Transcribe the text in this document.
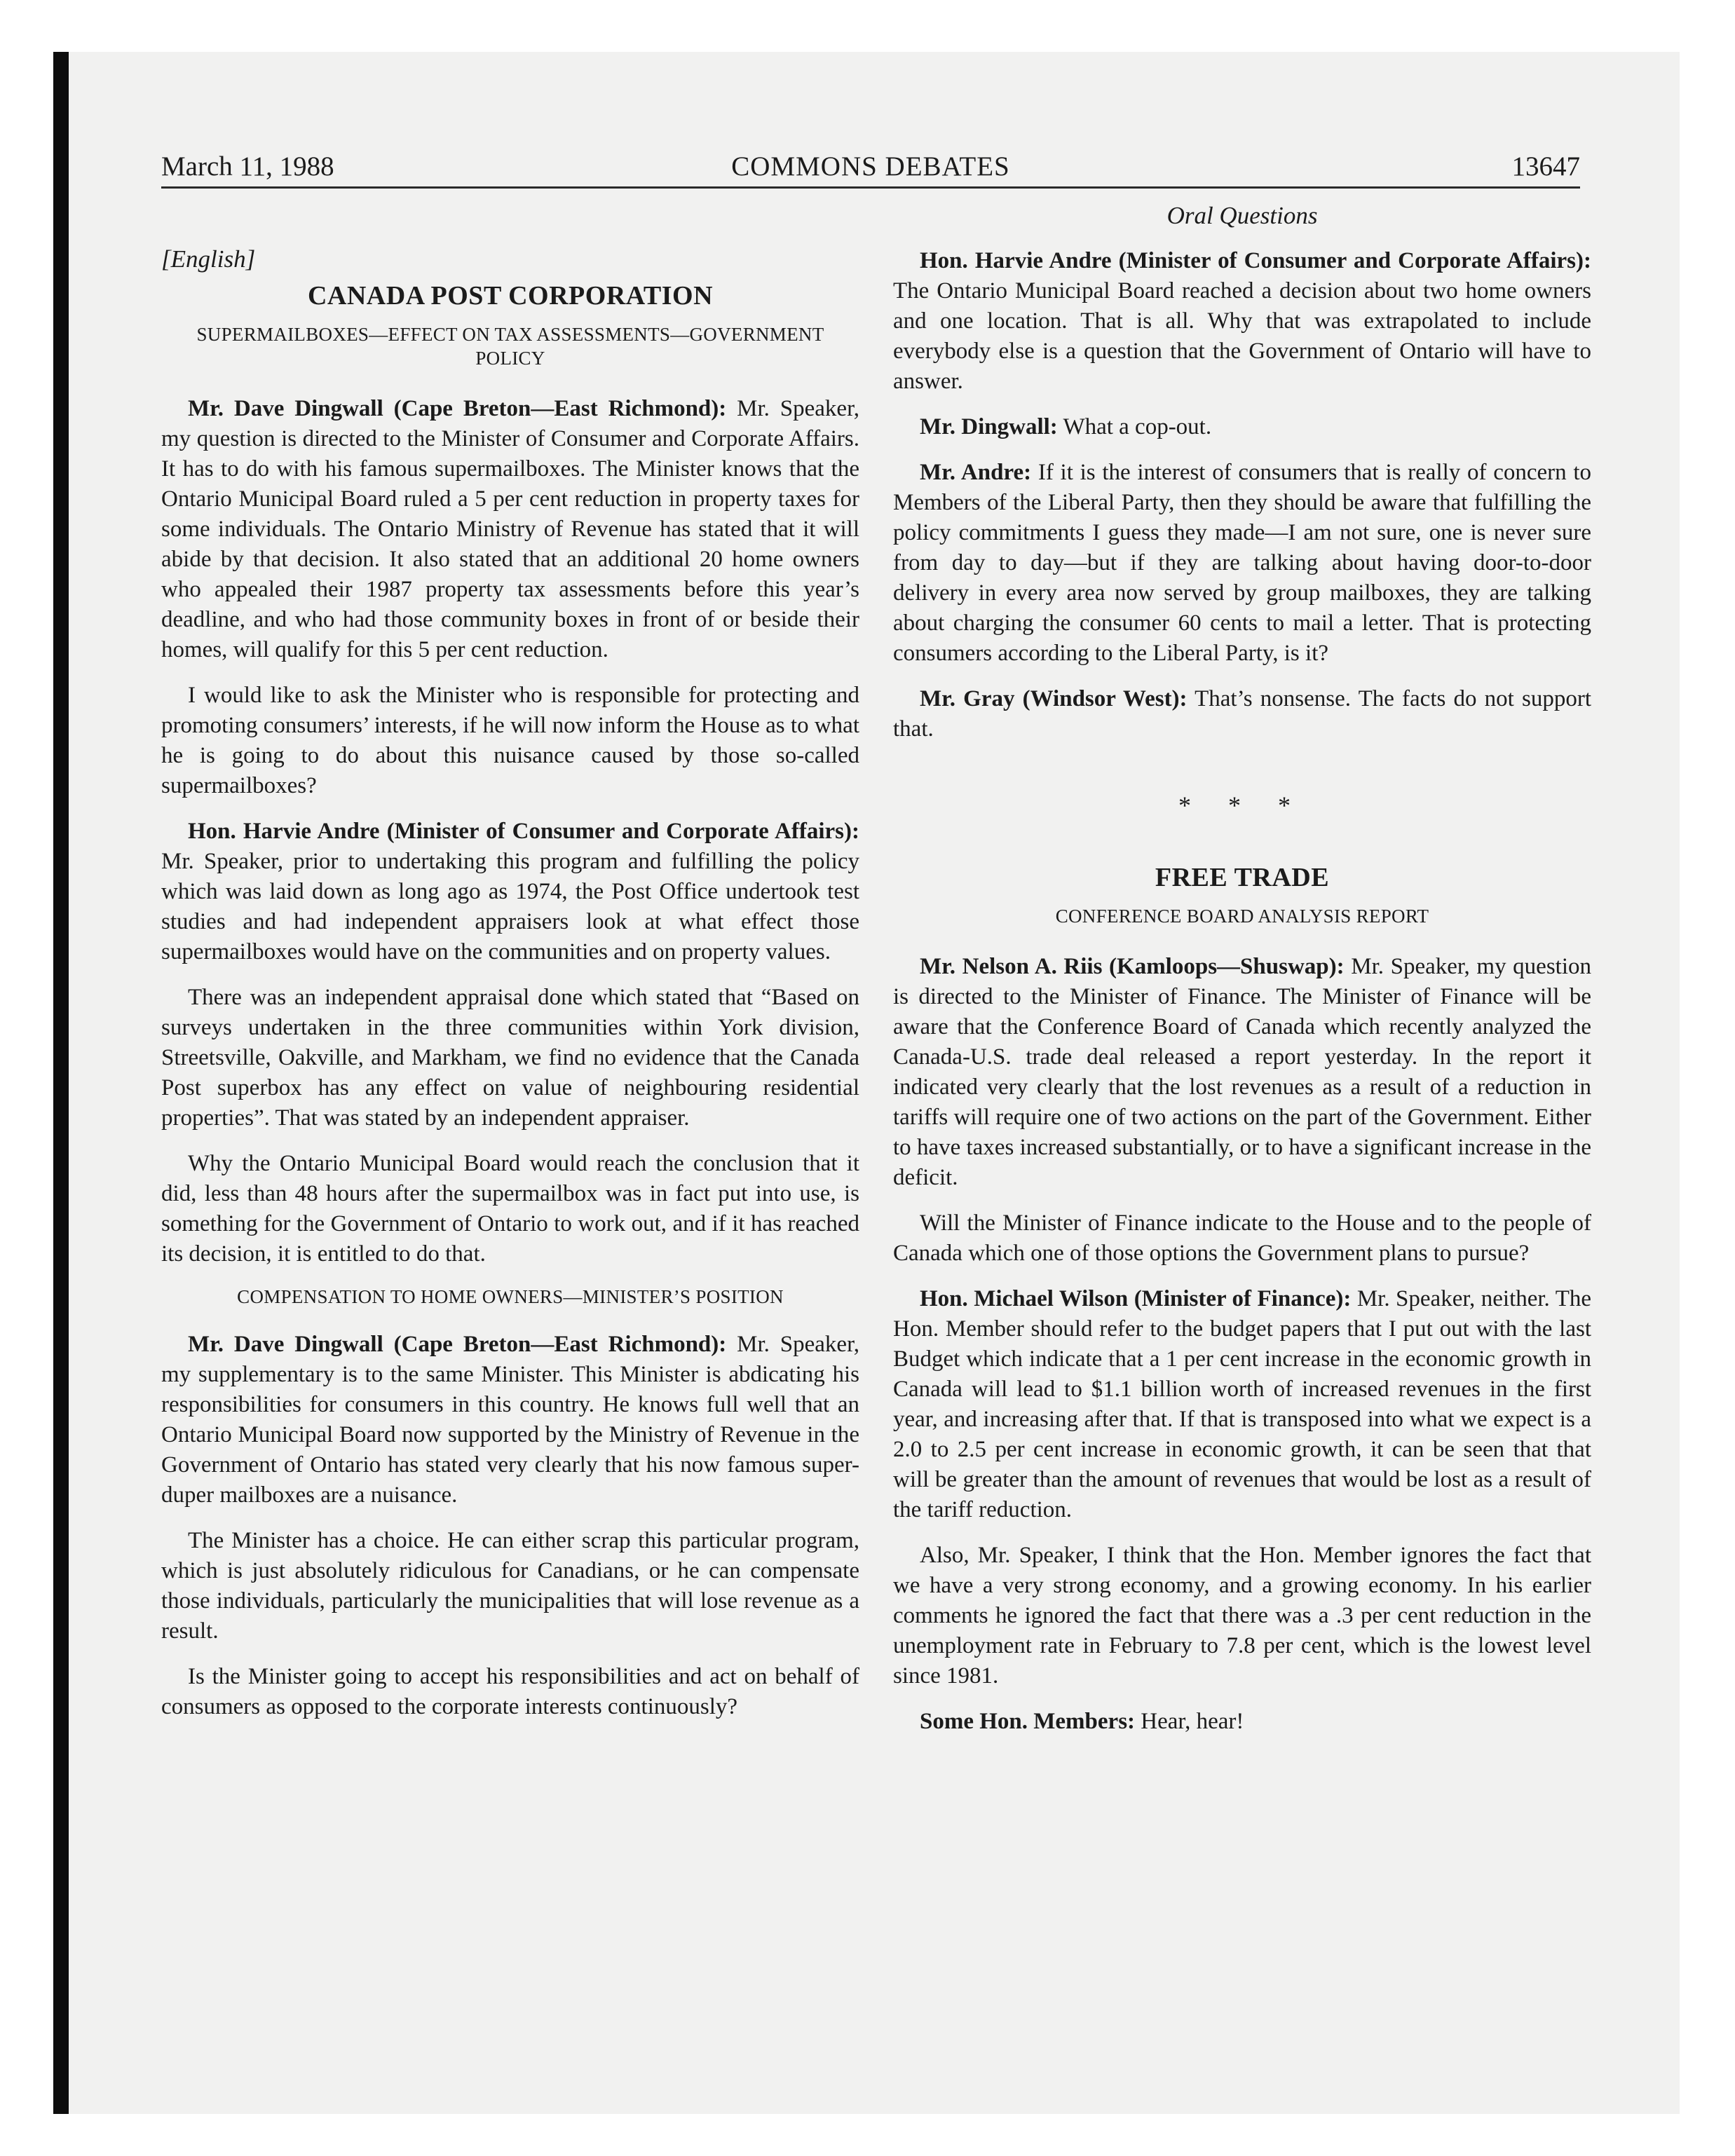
March 11, 1988	COMMONS DEBATES	13647
[English]
CANADA POST CORPORATION
SUPERMAILBOXES—EFFECT ON TAX ASSESSMENTS—GOVERNMENT POLICY

Mr. Dave Dingwall (Cape Breton—East Richmond): Mr. Speaker, my question is directed to the Minister of Consumer and Corporate Affairs. It has to do with his famous supermailboxes. The Minister knows that the Ontario Municipal Board ruled a 5 per cent reduction in property taxes for some individuals. The Ontario Ministry of Revenue has stated that it will abide by that decision. It also stated that an additional 20 home owners who appealed their 1987 property tax assessments before this year’s deadline, and who had those community boxes in front of or beside their homes, will qualify for this 5 per cent reduction.

I would like to ask the Minister who is responsible for protecting and promoting consumers’ interests, if he will now inform the House as to what he is going to do about this nuisance caused by those so-called supermailboxes?

Hon. Harvie Andre (Minister of Consumer and Corporate Affairs): Mr. Speaker, prior to undertaking this program and fulfilling the policy which was laid down as long ago as 1974, the Post Office undertook test studies and had independent appraisers look at what effect those supermailboxes would have on the communities and on property values.

There was an independent appraisal done which stated that “Based on surveys undertaken in the three communities within York division, Streetsville, Oakville, and Markham, we find no evidence that the Canada Post superbox has any effect on value of neighbouring residential properties”. That was stated by an independent appraiser.

Why the Ontario Municipal Board would reach the conclusion that it did, less than 48 hours after the supermailbox was in fact put into use, is something for the Government of Ontario to work out, and if it has reached its decision, it is entitled to do that.

COMPENSATION TO HOME OWNERS—MINISTER’S POSITION

Mr. Dave Dingwall (Cape Breton—East Richmond): Mr. Speaker, my supplementary is to the same Minister. This Minister is abdicating his responsibilities for consumers in this country. He knows full well that an Ontario Municipal Board now supported by the Ministry of Revenue in the Government of Ontario has stated very clearly that his now famous super-duper mailboxes are a nuisance.

The Minister has a choice. He can either scrap this particular program, which is just absolutely ridiculous for Canadians, or he can compensate those individuals, particularly the municipalities that will lose revenue as a result.

Is the Minister going to accept his responsibilities and act on behalf of consumers as opposed to the corporate interests continuously?

Oral Questions

Hon. Harvie Andre (Minister of Consumer and Corporate Affairs): The Ontario Municipal Board reached a decision about two home owners and one location. That is all. Why that was extrapolated to include everybody else is a question that the Government of Ontario will have to answer.

Mr. Dingwall: What a cop-out.

Mr. Andre: If it is the interest of consumers that is really of concern to Members of the Liberal Party, then they should be aware that fulfilling the policy commitments I guess they made—I am not sure, one is never sure from day to day—but if they are talking about having door-to-door delivery in every area now served by group mailboxes, they are talking about charging the consumer 60 cents to mail a letter. That is protecting consumers according to the Liberal Party, is it?

Mr. Gray (Windsor West): That’s nonsense. The facts do not support that.

* * *
FREE TRADE
CONFERENCE BOARD ANALYSIS REPORT

Mr. Nelson A. Riis (Kamloops—Shuswap): Mr. Speaker, my question is directed to the Minister of Finance. The Minister of Finance will be aware that the Conference Board of Canada which recently analyzed the Canada-U.S. trade deal released a report yesterday. In the report it indicated very clearly that the lost revenues as a result of a reduction in tariffs will require one of two actions on the part of the Government. Either to have taxes increased substantially, or to have a significant increase in the deficit.

Will the Minister of Finance indicate to the House and to the people of Canada which one of those options the Government plans to pursue?

Hon. Michael Wilson (Minister of Finance): Mr. Speaker, neither. The Hon. Member should refer to the budget papers that I put out with the last Budget which indicate that a 1 per cent increase in the economic growth in Canada will lead to $1.1 billion worth of increased revenues in the first year, and increasing after that. If that is transposed into what we expect is a 2.0 to 2.5 per cent increase in economic growth, it can be seen that that will be greater than the amount of revenues that would be lost as a result of the tariff reduction.

Also, Mr. Speaker, I think that the Hon. Member ignores the fact that we have a very strong economy, and a growing economy. In his earlier comments he ignored the fact that there was a .3 per cent reduction in the unemployment rate in February to 7.8 per cent, which is the lowest level since 1981.

Some Hon. Members: Hear, hear!
